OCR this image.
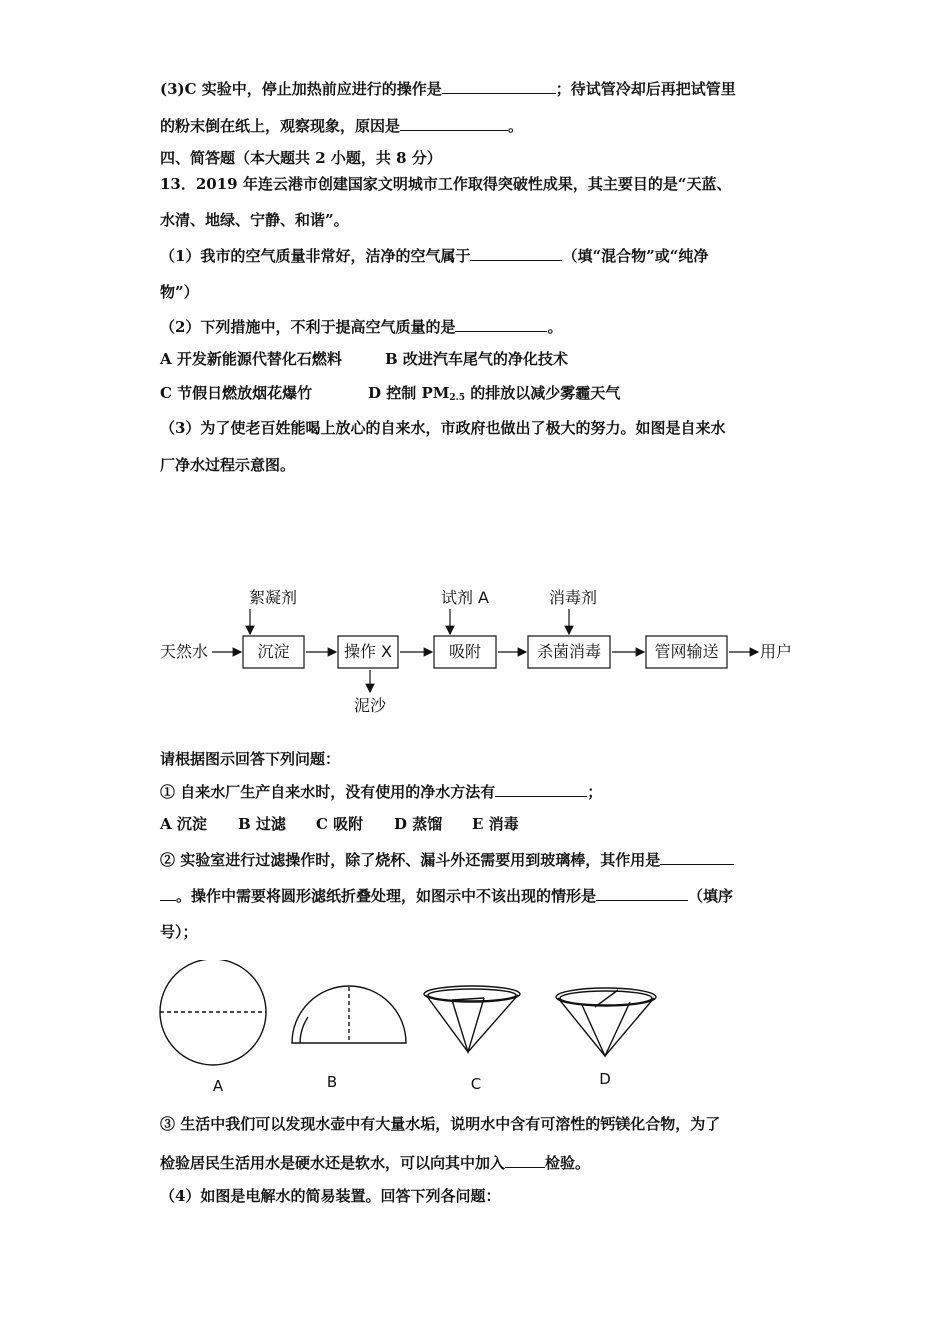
(3)C 实验中，停止加热前应进行的操作是	；待试管冷却后再把试管里
的粉末倒在纸上，观察现象，原因是	。
四、简答题（本大题共 2 小题，共 8 分）
13．2019 年连云港市创建国家文明城市工作取得突破性成果，其主要目的是“天蓝、
水清、地绿、宁静、和谐”。
（1）我市的空气质量非常好，洁净的空气属于	（填“混合物”或“纯净
物”）
（2）下列措施中，不利于提高空气质量的是	。
A 开发新能源代替化石燃料	B 改进汽车尾气的净化技术
C 节假日燃放烟花爆竹	D 控制 $PM_{2.5}$ 的排放以减少雾霾天气
（3）为了使老百姓能喝上放心的自来水，市政府也做出了极大的努力。如图是自来水
厂净水过程示意图。
天然水	沉淀	操作 X	吸附	杀菌消毒	管网输送	用户
絮凝剂	试剂 A	消毒剂
泥沙
请根据图示回答下列问题：
① 自来水厂生产自来水时，没有使用的净水方法有	；
A 沉淀 B 过滤 C 吸附 D 蒸馏 E 消毒
② 实验室进行过滤操作时，除了烧杯、漏斗外还需要用到玻璃棒，其作用是
。操作中需要将圆形滤纸折叠处理，如图示中不该出现的情形是	（填序
号）；
A	B	C	D
③ 生活中我们可以发现水壶中有大量水垢，说明水中含有可溶性的钙镁化合物，为了
检验居民生活用水是硬水还是软水，可以向其中加入	检验。
（4）如图是电解水的简易装置。回答下列各问题：
